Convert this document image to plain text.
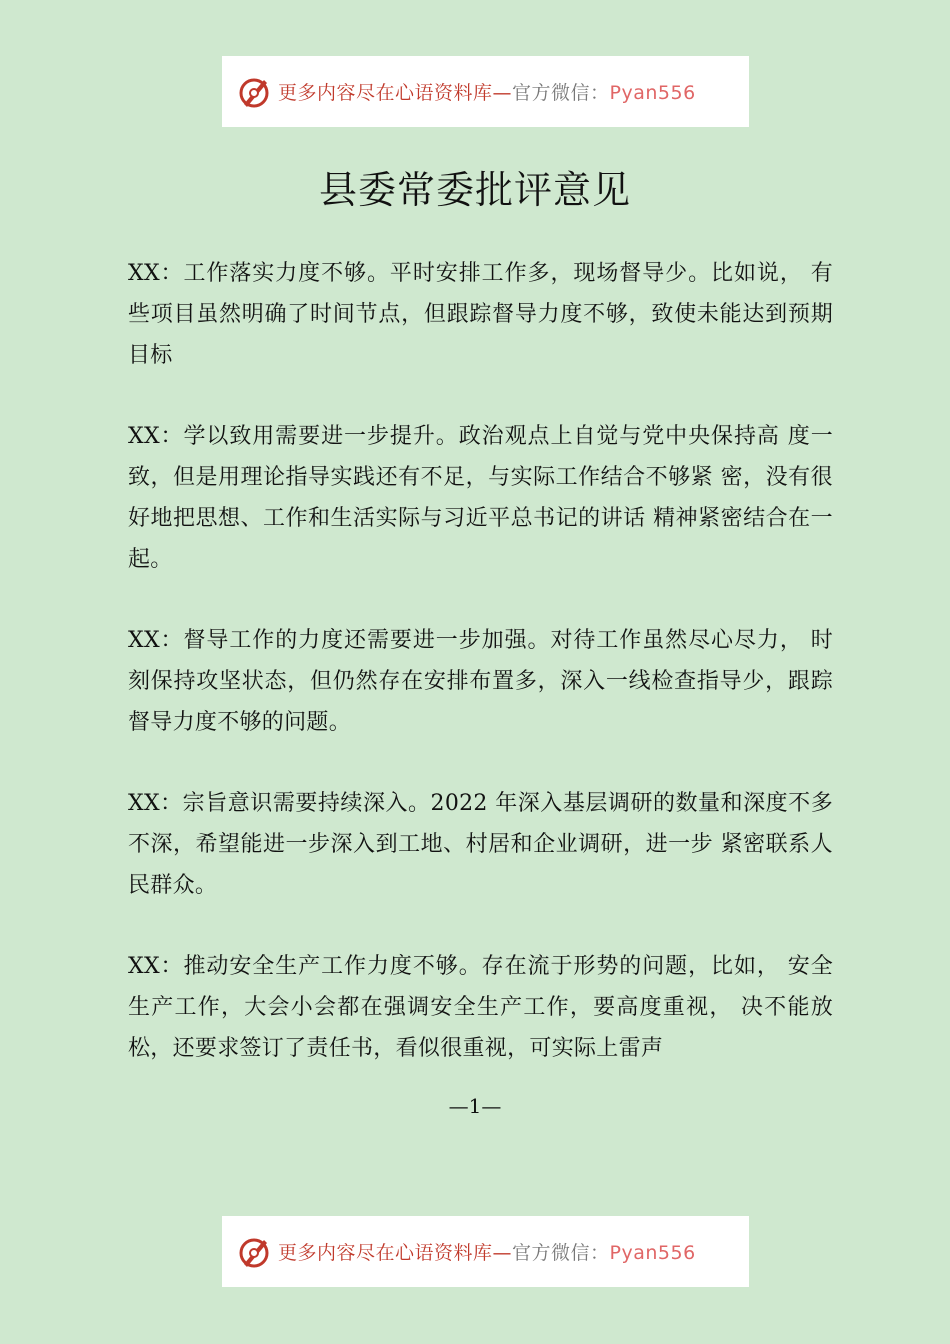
更多内容尽在心语资料库—官方微信：Pyan556
县委常委批评意见

XX：工作落实力度不够。平时安排工作多，现场督导少。比如说， 有些项目虽然明确了时间节点，但跟踪督导力度不够，致使未能达到预期目标

XX：学以致用需要进一步提升。政治观点上自觉与党中央保持高 度一致，但是用理论指导实践还有不足，与实际工作结合不够紧 密，没有很好地把思想、工作和生活实际与习近平总书记的讲话 精神紧密结合在一起。

XX：督导工作的力度还需要进一步加强。对待工作虽然尽心尽力， 时刻保持攻坚状态，但仍然存在安排布置多，深入一线检查指导少，跟踪督导力度不够的问题。

XX：宗旨意识需要持续深入。2022 年深入基层调研的数量和深度不多不深，希望能进一步深入到工地、村居和企业调研，进一步 紧密联系人民群众。

XX：推动安全生产工作力度不够。存在流于形势的问题，比如， 安全生产工作，大会小会都在强调安全生产工作，要高度重视， 决不能放松，还要求签订了责任书，看似很重视，可实际上雷声

—1—
更多内容尽在心语资料库—官方微信：Pyan556
